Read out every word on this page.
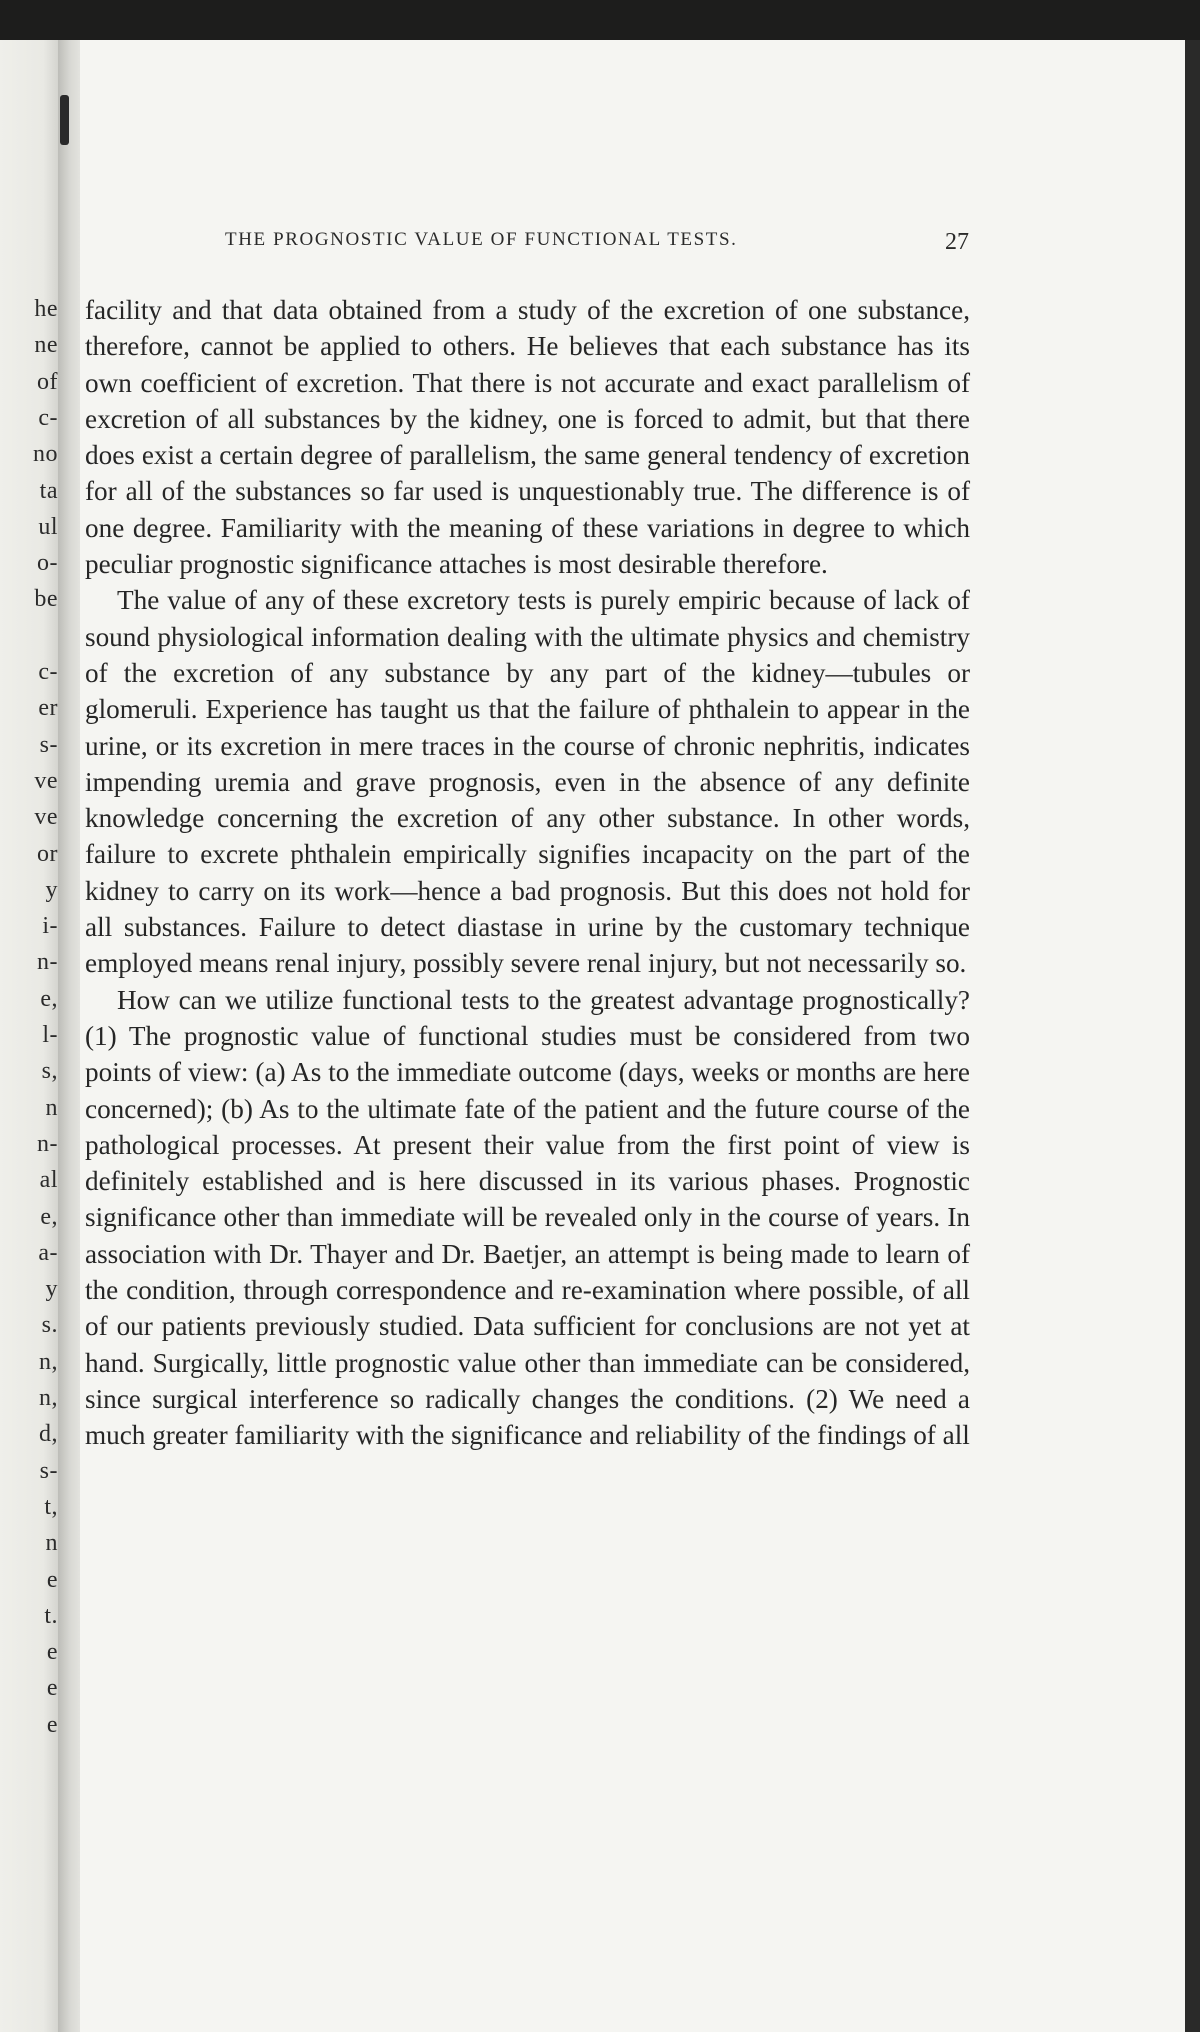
he
ne
of
c-
no
ta
ul
o-
be
c-
er
s-
ve
ve
or
y
i-
n-
e,
l-
s,
n
n-
al
e,
a-
y
s.
n,
n,
d,
s-
t,
n
e
t.
e
e
e
THE PROGNOSTIC VALUE OF FUNCTIONAL TESTS.	27

facility and that data obtained from a study of the excretion of one substance, therefore, cannot be applied to others. He believes that each substance has its own coefficient of excretion. That there is not accurate and exact parallelism of excretion of all substances by the kidney, one is forced to admit, but that there does exist a certain degree of parallelism, the same general tendency of excretion for all of the substances so far used is unquestionably true. The difference is of one degree. Familiarity with the meaning of these variations in degree to which peculiar prognostic significance attaches is most desirable therefore.

The value of any of these excretory tests is purely empiric because of lack of sound physiological information dealing with the ultimate physics and chemistry of the excretion of any substance by any part of the kidney—tubules or glomeruli. Experience has taught us that the failure of phthalein to appear in the urine, or its excretion in mere traces in the course of chronic nephritis, indicates impending uremia and grave prognosis, even in the absence of any definite knowledge concerning the excretion of any other substance. In other words, failure to excrete phthalein empirically signifies incapacity on the part of the kidney to carry on its work—hence a bad prognosis. But this does not hold for all substances. Failure to detect diastase in urine by the customary technique employed means renal injury, possibly severe renal injury, but not necessarily so.

How can we utilize functional tests to the greatest advantage prognostically? (1) The prognostic value of functional studies must be considered from two points of view: (a) As to the immediate outcome (days, weeks or months are here concerned); (b) As to the ultimate fate of the patient and the future course of the pathological processes. At present their value from the first point of view is definitely established and is here discussed in its various phases. Prognostic significance other than immediate will be revealed only in the course of years. In association with Dr. Thayer and Dr. Baetjer, an attempt is being made to learn of the condition, through correspondence and re-examination where possible, of all of our patients previously studied. Data sufficient for conclusions are not yet at hand. Surgically, little prognostic value other than immediate can be considered, since surgical interference so radically changes the conditions. (2) We need a much greater familiarity with the significance and reliability of the findings of all
